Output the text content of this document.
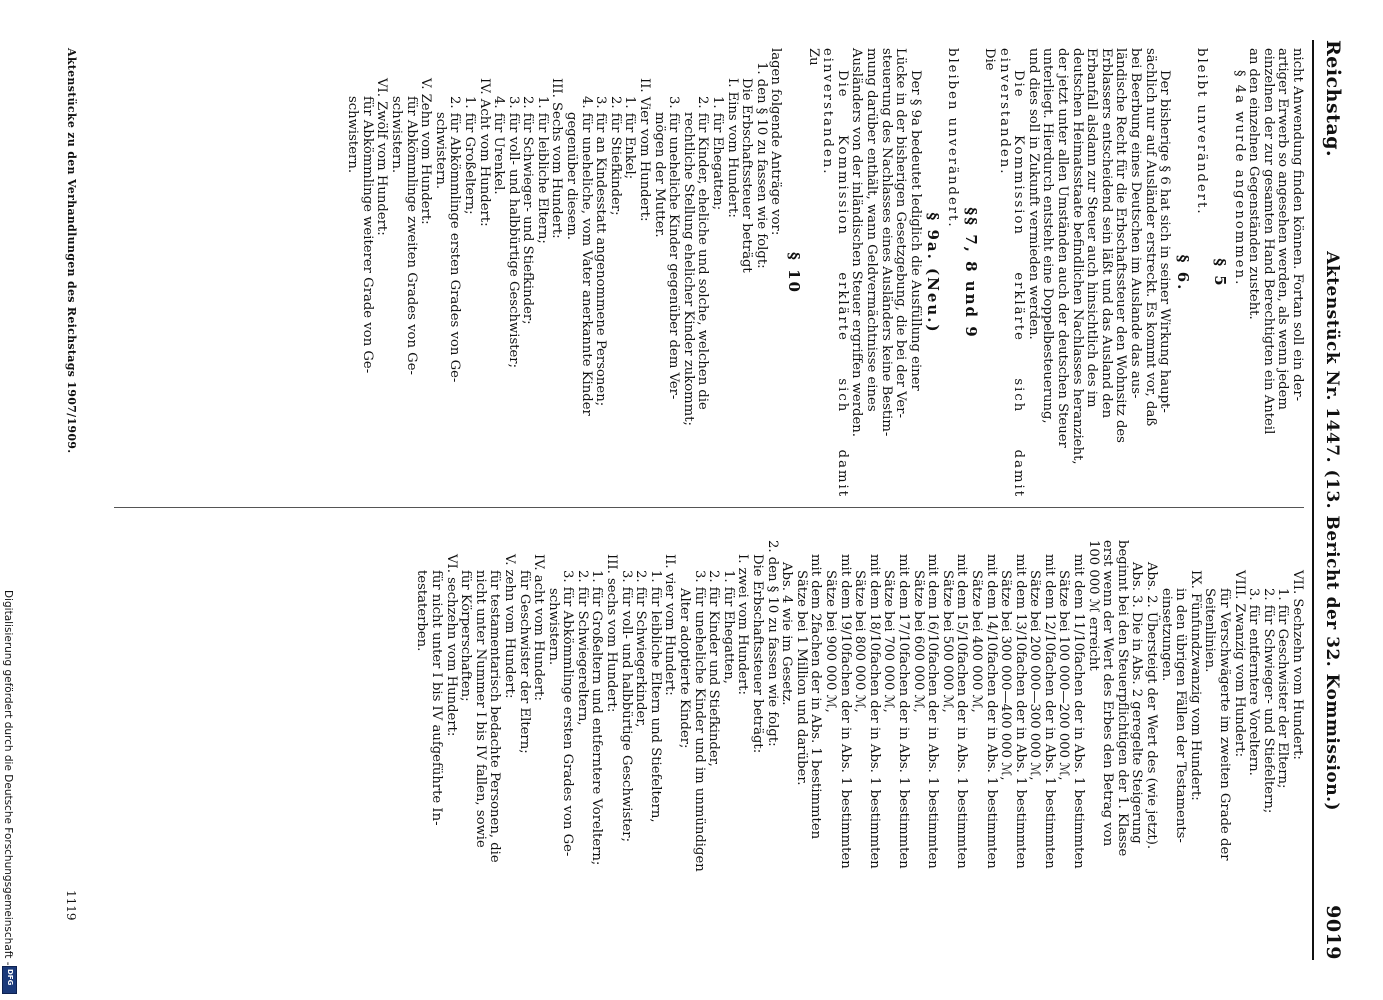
Reichstag.
Aktenstück Nr. 1447. (13. Bericht der 32. Kommission.)
9019

nicht Anwendung finden können. Fortan soll ein der-

artiger Erwerb so angesehen werden, als wenn jedem

einzelnen der zur gesamten Hand Berechtigten ein Anteil

an den einzelnen Gegenständen zusteht.

§ 4a wurde angenommen.

§ 5

bleibt unverändert.

§ 6.

Der bisherige § 6 hat sich in seiner Wirkung haupt-

sächlich nur auf Ausländer erstreckt. Es kommt vor, daß

bei Beerbung eines Deutschen im Auslande das aus-

ländische Recht für die Erbschaftssteuer den Wohnsitz des

Erblassers entscheidend sein läßt und das Ausland den

Erbanfall alsdann zur Steuer auch hinsichtlich des im

deutschen Heimatsstaate befindlichen Nachlasses heranzieht,

der jetzt unter allen Umständen auch der deutschen Steuer

unterliegt. Hierdurch entsteht eine Doppelbesteuerung,

und dies soll in Zukunft vermieden werden.

Die Kommission erklärte sich damit einverstanden.

Die

§§ 7, 8 und 9

bleiben unverändert.

§ 9a. (Neu.)

Der § 9a bedeutet lediglich die Ausfüllung einer

Lücke in der bisherigen Gesetzgebung, die bei der Ver-

steuerung des Nachlasses eines Ausländers keine Bestim-

mung darüber enthält, wann Geldvermächtnisse eines

Ausländers von der inländischen Steuer ergriffen werden.

Die Kommission erklärte sich damit einverstanden.

Zu

§ 10

lagen folgende Anträge vor:

1. den § 10 zu fassen wie folgt:

Die Erbschaftssteuer beträgt

I. Eins vom Hundert:

1. für Ehegatten;

2. für Kinder, eheliche und solche, welchen die

rechtliche Stellung ehelicher Kinder zukommt;

3. für uneheliche Kinder gegenüber dem Ver-

mögen der Mutter.

II. Vier vom Hundert:

1. für Enkel;

2. für Stiefkinder;

3. für an Kindesstatt angenommene Personen;

4. für uneheliche, vom Vater anerkannte Kinder

gegenüber diesem.

III. Sechs vom Hundert:

1. für leibliche Eltern;

2. für Schwieger- und Stiefkinder;

3. für voll- und halbbürtige Geschwister;

4. für Urenkel.

IV. Acht vom Hundert:

1. für Großeltern;

2. für Abkömmlinge ersten Grades von Ge-

schwistern.

V. Zehn vom Hundert:

für Abkömmlinge zweiten Grades von Ge-

schwistern.

VI. Zwölf vom Hundert:

für Abkömmlinge weiterer Grade von Ge-

schwistern.

VII. Sechzehn vom Hundert:

1. für Geschwister der Eltern;

2. für Schwieger- und Stiefeltern;

3. für entferntere Voreltern.

VIII. Zwanzig vom Hundert:

für Verschwägerte im zweiten Grade der

Seitenlinien.

IX. Fünfundzwanzig vom Hundert:

in den übrigen Fällen der Testaments-

einsetzungen.

Abs. 2. Übersteigt der Wert des (wie jetzt).

Abs. 3. Die in Abs. 2 geregelte Steigerung

beginnt bei den Steuerpflichtigen der 1. Klasse

erst wenn der Wert des Erbes den Betrag von

100 000 ℳ erreicht

mit dem 11/10fachen der in Abs. 1 bestimmten

Sätze bei 100 000—200 000 ℳ,

mit dem 12/10fachen der in Abs. 1 bestimmten

Sätze bei 200 000—300 000 ℳ,

mit dem 13/10fachen der in Abs. 1 bestimmten

Sätze bei 300 000—400 000 ℳ,

mit dem 14/10fachen der in Abs. 1 bestimmten

Sätze bei 400 000 ℳ,

mit dem 15/10fachen der in Abs. 1 bestimmten

Sätze bei 500 000 ℳ,

mit dem 16/10fachen der in Abs. 1 bestimmten

Sätze bei 600 000 ℳ,

mit dem 17/10fachen der in Abs. 1 bestimmten

Sätze bei 700 000 ℳ,

mit dem 18/10fachen der in Abs. 1 bestimmten

Sätze bei 800 000 ℳ,

mit dem 19/10fachen der in Abs. 1 bestimmten

Sätze bei 900 000 ℳ,

mit dem 2fachen der in Abs. 1 bestimmten

Sätze bei 1 Million und darüber.

Abs. 4 wie im Gesetz.

2. den § 10 zu fassen wie folgt:

Die Erbschaftssteuer beträgt:

I. zwei vom Hundert:

1. für Ehegatten,

2. für Kinder und Stiefkinder,

3. für uneheliche Kinder und im unmündigen

Alter adoptierte Kinder;

II. vier vom Hundert:

1. für leibliche Eltern und Stiefeltern,

2. für Schwiegerkinder,

3. für voll- und halbbürtige Geschwister;

III. sechs vom Hundert:

1. für Großeltern und entferntere Voreltern;

2. für Schwiegereltern,

3. für Abkömmlinge ersten Grades von Ge-

schwistern.

IV. acht vom Hundert:

für Geschwister der Eltern;

V. zehn vom Hundert:

für testamentarisch bedachte Personen, die

nicht unter Nummer I bis IV fallen, sowie

für Körperschaften;

VI. sechzehn vom Hundert:

für nicht unter I bis IV aufgeführte In-

testaterben.

Aktenstücke zu den Verhandlungen des Reichstags 1907/1909.
1119
Digitalisierung gefördert durch die Deutsche Forschungsgemeinschaft -
DFG
